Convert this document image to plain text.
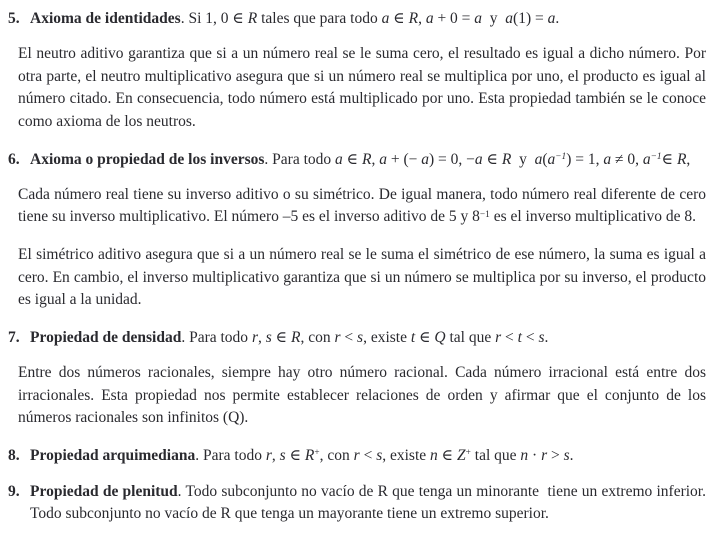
5. Axioma de identidades. Si 1, 0 ∈ R tales que para todo a ∈ R, a + 0 = a  y  a(1) = a.

El neutro aditivo garantiza que si a un número real se le suma cero, el resultado es igual a dicho número. Por otra parte, el neutro multiplicativo asegura que si un número real se multiplica por uno, el producto es igual al número citado. En consecuencia, todo número está multiplicado por uno. Esta propiedad también se le conoce como axioma de los neutros.

6. Axioma o propiedad de los inversos. Para todo a ∈ R, a + (− a) = 0, −a ∈ R  y  $a(a^{-1}) = 1$, a ≠ 0, $a^{-1}\in$ R,

Cada número real tiene su inverso aditivo o su simétrico. De igual manera, todo número real diferente de cero tiene su inverso multiplicativo. El número –5 es el inverso aditivo de 5 y $8^{-1}$ es el inverso multiplicativo de 8.

El simétrico aditivo asegura que si a un número real se le suma el simétrico de ese número, la suma es igual a cero. En cambio, el inverso multiplicativo garantiza que si un número se multiplica por su inverso, el producto es igual a la unidad.

7. Propiedad de densidad. Para todo r, s ∈ R, con r < s, existe t ∈ Q tal que r < t < s.

Entre dos números racionales, siempre hay otro número racional. Cada número irracional está entre dos irracionales. Esta propiedad nos permite establecer relaciones de orden y afirmar que el conjunto de los números racionales son infinitos (Q).

8. Propiedad arquimediana. Para todo r, s ∈ R+, con r < s, existe n ∈ Z+ tal que n · r > s.
9. Propiedad de plenitud. Todo subconjunto no vacío de R que tenga un minorante  tiene un extremo inferior. Todo subconjunto no vacío de R que tenga un mayorante tiene un extremo superior.
